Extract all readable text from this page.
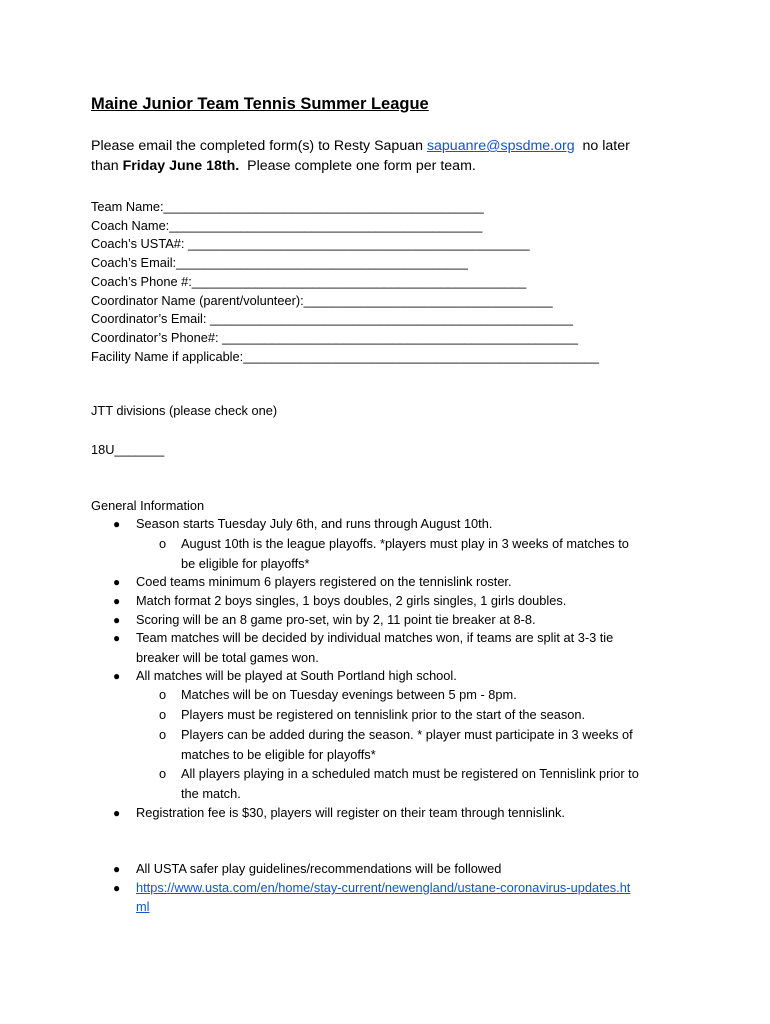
Maine Junior Team Tennis Summer League

Please email the completed form(s) to Resty Sapuan sapuanre@spsdme.org  no later
than Friday June 18th.  Please complete one form per team.

Team Name:_____________________________________________
Coach Name:____________________________________________
Coach’s USTA#: ________________________________________________
Coach’s Email:_________________________________________
Coach’s Phone #:_______________________________________________
Coordinator Name (parent/volunteer):___________________________________
Coordinator’s Email: ___________________________________________________
Coordinator’s Phone#: __________________________________________________
Facility Name if applicable:__________________________________________________

JTT divisions (please check one)

18U_______

General Information
● Season starts Tuesday July 6th, and runs through August 10th.
o August 10th is the league playoffs. *players must play in 3 weeks of matches to
be eligible for playoffs*
● Coed teams minimum 6 players registered on the tennislink roster.
● Match format 2 boys singles, 1 boys doubles, 2 girls singles, 1 girls doubles.
● Scoring will be an 8 game pro-set, win by 2, 11 point tie breaker at 8-8.
● Team matches will be decided by individual matches won, if teams are split at 3-3 tie
breaker will be total games won.
● All matches will be played at South Portland high school.
o Matches will be on Tuesday evenings between 5 pm - 8pm.
o Players must be registered on tennislink prior to the start of the season.
o Players can be added during the season. * player must participate in 3 weeks of
matches to be eligible for playoffs*
o All players playing in a scheduled match must be registered on Tennislink prior to
the match.
● Registration fee is $30, players will register on their team through tennislink.
● All USTA safer play guidelines/recommendations will be followed
● https://www.usta.com/en/home/stay-current/newengland/ustane-coronavirus-updates.ht
ml
